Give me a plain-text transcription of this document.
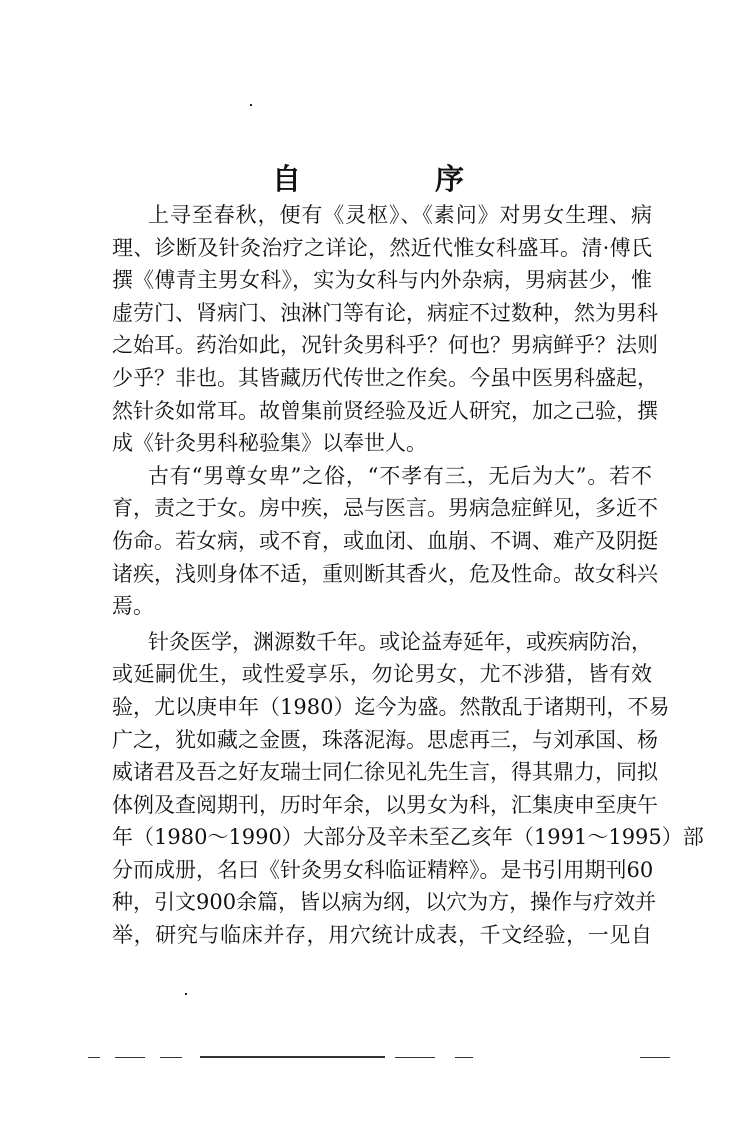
自 序
上寻至春秋，便有《灵枢》、《素问》对男女生理、病
理、诊断及针灸治疗之详论，然近代惟女科盛耳。清·傅氏
撰《傅青主男女科》，实为女科与内外杂病，男病甚少，惟
虚劳门、肾病门、浊淋门等有论，病症不过数种，然为男科
之始耳。药治如此，况针灸男科乎？何也？男病鲜乎？法则
少乎？非也。其皆藏历代传世之作矣。今虽中医男科盛起，
然针灸如常耳。故曾集前贤经验及近人研究，加之己验，撰
成《针灸男科秘验集》以奉世人。
古有“男尊女卑”之俗，“不孝有三，无后为大”。若不
育，责之于女。房中疾，忌与医言。男病急症鲜见，多近不
伤命。若女病，或不育，或血闭、血崩、不调、难产及阴挺
诸疾，浅则身体不适，重则断其香火，危及性命。故女科兴
焉。
针灸医学，渊源数千年。或论益寿延年，或疾病防治，
或延嗣优生，或性爱享乐，勿论男女，尤不涉猎，皆有效
验，尤以庚申年（1980）迄今为盛。然散乱于诸期刊，不易
广之，犹如藏之金匮，珠落泥海。思虑再三，与刘承国、杨
威诸君及吾之好友瑞士同仁徐见礼先生言，得其鼎力，同拟
体例及查阅期刊，历时年余，以男女为科，汇集庚申至庚午
年（1980～1990）大部分及辛未至乙亥年（1991～1995）部
分而成册，名曰《针灸男女科临证精粹》。是书引用期刊60
种，引文900余篇，皆以病为纲，以穴为方，操作与疗效并
举，研究与临床并存，用穴统计成表，千文经验，一见自
